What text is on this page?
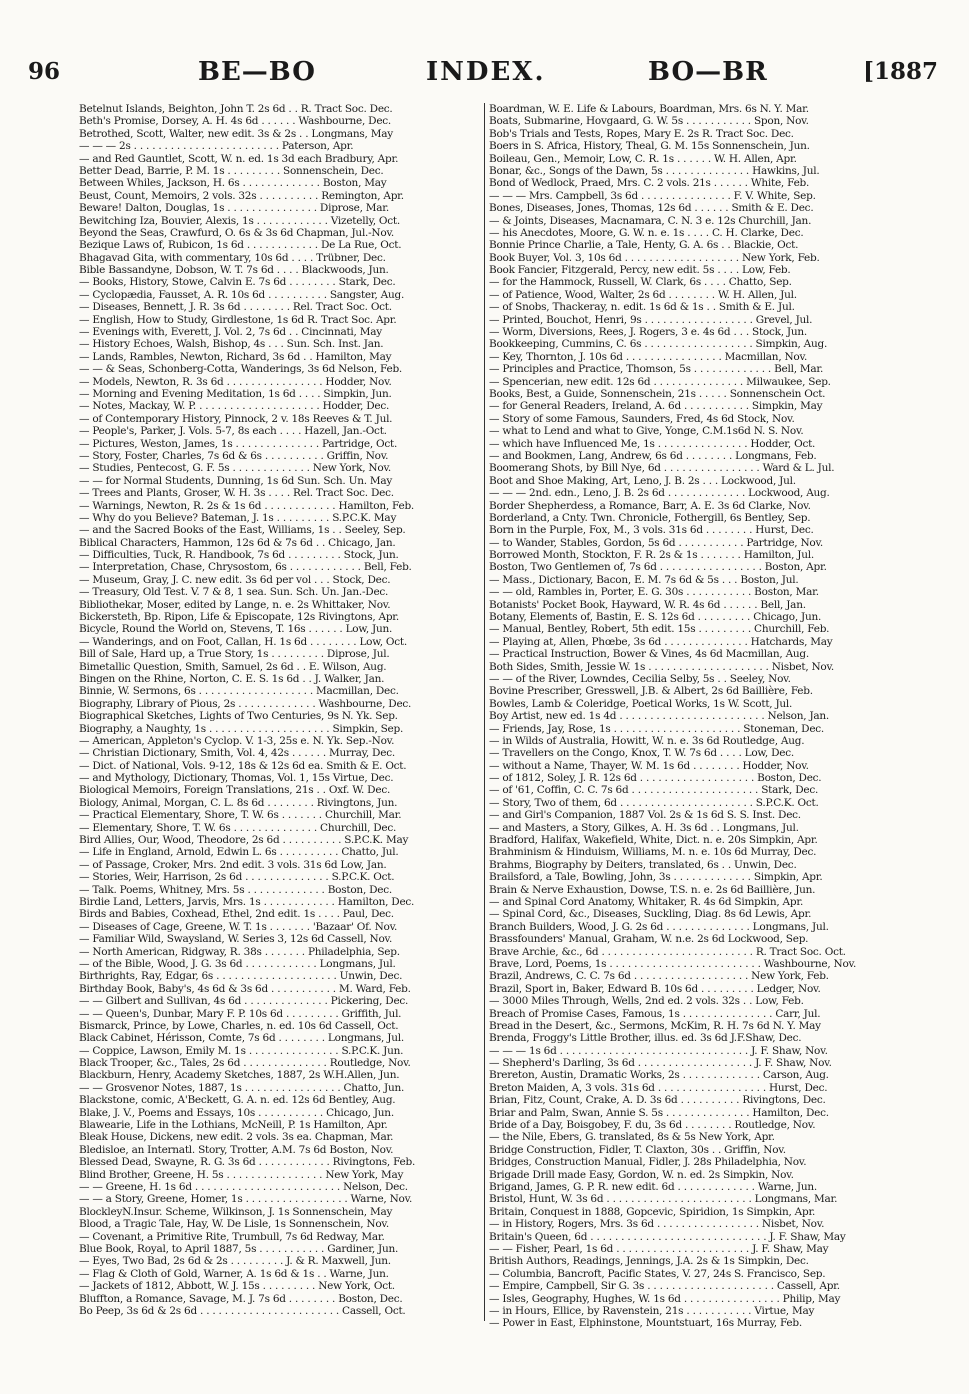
96	BE—BO	INDEX.	BO—BR	[1887
Betelnut Islands, Beighton, John T. 2s 6d . . R. Tract Soc. Dec.
Beth's Promise, Dorsey, A. H. 4s 6d . . . . . . Washbourne, Dec.
Betrothed, Scott, Walter, new edit. 3s & 2s . . Longmans, May
— — — 2s . . . . . . . . . . . . . . . . . . . . . . . . Paterson, Apr.
— and Red Gauntlet, Scott, W. n. ed. 1s 3d each Bradbury, Apr.
Better Dead, Barrie, P. M. 1s . . . . . . . . . Sonnenschein, Dec.
Between Whiles, Jackson, H. 6s . . . . . . . . . . . . . Boston, May
Beust, Count, Memoirs, 2 vols. 32s . . . . . . . . . . Remington, Apr.
Beware! Dalton, Douglas, 1s . . . . . . . . . . . . . . . Diprose, Mar.
Bewitching Iza, Bouvier, Alexis, 1s . . . . . . . . . . . . Vizetelly, Oct.
Beyond the Seas, Crawfurd, O. 6s & 3s 6d Chapman, Jul.-Nov.
Bezique Laws of, Rubicon, 1s 6d . . . . . . . . . . . . De La Rue, Oct.
Bhagavad Gita, with commentary, 10s 6d . . . . Trübner, Dec.
Bible Bassandyne, Dobson, W. T. 7s 6d . . . . Blackwoods, Jun.
— Books, History, Stowe, Calvin E. 7s 6d . . . . . . . . Stark, Dec.
— Cyclopædia, Fausset, A. R. 10s 6d . . . . . . . . . . Sangster, Aug.
— Diseases, Bennett, J. R. 3s 6d . . . . . . . . Rel. Tract Soc. Oct.
— English, How to Study, Girdlestone, 1s 6d R. Tract Soc. Apr.
— Evenings with, Everett, J. Vol. 2, 7s 6d . . Cincinnati, May
— History Echoes, Walsh, Bishop, 4s . . . Sun. Sch. Inst. Jan.
— Lands, Rambles, Newton, Richard, 3s 6d . . Hamilton, May
— — & Seas, Schonberg-Cotta, Wanderings, 3s 6d Nelson, Feb.
— Models, Newton, R. 3s 6d . . . . . . . . . . . . . . . . Hodder, Nov.
— Morning and Evening Meditation, 1s 6d . . . . Simpkin, Jun.
— Notes, Mackay, W. P. . . . . . . . . . . . . . . . . . . . . Hodder, Dec.
— of Contemporary History, Pinnock, 2 v. 18s Reeves & T. Jul.
— People's, Parker, J. Vols. 5-7, 8s each . . . . Hazell, Jan.-Oct.
— Pictures, Weston, James, 1s . . . . . . . . . . . . . . Partridge, Oct.
— Story, Foster, Charles, 7s 6d & 6s . . . . . . . . . . Griffin, Nov.
— Studies, Pentecost, G. F. 5s . . . . . . . . . . . . . New York, Nov.
— — for Normal Students, Dunning, 1s 6d Sun. Sch. Un. May
— Trees and Plants, Groser, W. H. 3s . . . . Rel. Tract Soc. Dec.
— Warnings, Newton, R. 2s & 1s 6d . . . . . . . . . . . . Hamilton, Feb.
— Why do you Believe? Bateman, J. 1s . . . . . . . . . S.P.C.K. May
— and the Sacred Books of the East, Williams, 1s . . Seeley, Sep.
Biblical Characters, Hammon, 12s 6d & 7s 6d . . Chicago, Jan.
— Difficulties, Tuck, R. Handbook, 7s 6d . . . . . . . . . Stock, Jun.
— Interpretation, Chase, Chrysostom, 6s . . . . . . . . . . . . Bell, Feb.
— Museum, Gray, J. C. new edit. 3s 6d per vol . . . Stock, Dec.
— Treasury, Old Test. V. 7 & 8, 1 sea. Sun. Sch. Un. Jan.-Dec.
Bibliothekar, Moser, edited by Lange, n. e. 2s Whittaker, Nov.
Bickersteth, Bp. Ripon, Life & Episcopate, 12s Rivingtons, Apr.
Bicycle, Round the World on, Stevens, T. 16s . . . . . . Low, Jun.
— Wanderings, and on Foot, Callan, H. 1s 6d . . . . . . . . Low, Oct.
Bill of Sale, Hard up, a True Story, 1s . . . . . . . . . Diprose, Jul.
Bimetallic Question, Smith, Samuel, 2s 6d . . E. Wilson, Aug.
Bingen on the Rhine, Norton, C. E. S. 1s 6d . . J. Walker, Jan.
Binnie, W. Sermons, 6s . . . . . . . . . . . . . . . . . . . Macmillan, Dec.
Biography, Library of Pious, 2s . . . . . . . . . . . . . Washbourne, Dec.
Biographical Sketches, Lights of Two Centuries, 9s N. Yk. Sep.
Biography, a Naughty, 1s . . . . . . . . . . . . . . . . . . . . Simpkin, Sep.
— American, Appleton's Cyclop. V. 1-3, 25s e. N. Yk. Sep.-Nov.
— Christian Dictionary, Smith, Vol. 4, 42s . . . . . . Murray, Dec.
— Dict. of National, Vols. 9-12, 18s & 12s 6d ea. Smith & E. Oct.
— and Mythology, Dictionary, Thomas, Vol. 1, 15s Virtue, Dec.
Biological Memoirs, Foreign Translations, 21s . . Oxf. W. Dec.
Biology, Animal, Morgan, C. L. 8s 6d . . . . . . . . Rivingtons, Jun.
— Practical Elementary, Shore, T. W. 6s . . . . . . . Churchill, Mar.
— Elementary, Shore, T. W. 6s . . . . . . . . . . . . . . Churchill, Dec.
Bird Allies, Our, Wood, Theodore, 2s 6d . . . . . . . . . . S.P.C.K. May
— Life in England, Arnold, Edwin L. 6s . . . . . . . . . . Chatto, Jul.
— of Passage, Croker, Mrs. 2nd edit. 3 vols. 31s 6d Low, Jan.
— Stories, Weir, Harrison, 2s 6d . . . . . . . . . . . . . . S.P.C.K. Oct.
— Talk. Poems, Whitney, Mrs. 5s . . . . . . . . . . . . . Boston, Dec.
Birdie Land, Letters, Jarvis, Mrs. 1s . . . . . . . . . . . . Hamilton, Dec.
Birds and Babies, Coxhead, Ethel, 2nd edit. 1s . . . . Paul, Dec.
— Diseases of Cage, Greene, W. T. 1s . . . . . . . 'Bazaar' Of. Nov.
— Familiar Wild, Swaysland, W. Series 3, 12s 6d Cassell, Nov.
— North American, Ridgway, R. 38s . . . . . . . Philadelphia, Sep.
— of the Bible, Wood, J. G. 3s 6d . . . . . . . . . . . . Longmans, Jul.
Birthrights, Ray, Edgar, 6s . . . . . . . . . . . . . . . . . . . . Unwin, Dec.
Birthday Book, Baby's, 4s 6d & 3s 6d . . . . . . . . . . . M. Ward, Feb.
— — Gilbert and Sullivan, 4s 6d . . . . . . . . . . . . . . Pickering, Dec.
— — Queen's, Dunbar, Mary F. P. 10s 6d . . . . . . . . . Griffith, Jul.
Bismarck, Prince, by Lowe, Charles, n. ed. 10s 6d Cassell, Oct.
Black Cabinet, Hérisson, Comte, 7s 6d . . . . . . . . Longmans, Jul.
— Coppice, Lawson, Emily M. 1s . . . . . . . . . . . . . . . S.P.C.K. Jun.
Black Trooper, &c., Tales, 2s 6d . . . . . . . . . . . . . . Routledge, Nov.
Blackburn, Henry, Academy Sketches, 1887, 2s W.H.Allen, Jun.
— — Grosvenor Notes, 1887, 1s . . . . . . . . . . . . . . . . Chatto, Jun.
Blackstone, comic, A'Beckett, G. A. n. ed. 12s 6d Bentley, Aug.
Blake, J. V., Poems and Essays, 10s . . . . . . . . . . . Chicago, Jun.
Blawearie, Life in the Lothians, McNeill, P. 1s Hamilton, Apr.
Bleak House, Dickens, new edit. 2 vols. 3s ea. Chapman, Mar.
Bledisloe, an Internatl. Story, Trotter, A.M. 7s 6d Boston, Nov.
Blessed Dead, Swayne, R. G. 3s 6d . . . . . . . . . . . . Rivingtons, Feb.
Blind Brother, Greene, H. 5s . . . . . . . . . . . . . . . . New York, May
— — Greene, H. 1s 6d . . . . . . . . . . . . . . . . . . . . . . . . Nelson, Dec.
— — a Story, Greene, Homer, 1s . . . . . . . . . . . . . . . . . Warne, Nov.
BlockleyN.Insur. Scheme, Wilkinson, J. 1s Sonnenschein, May
Blood, a Tragic Tale, Hay, W. De Lisle, 1s Sonnenschein, Nov.
— Covenant, a Primitive Rite, Trumbull, 7s 6d Redway, Mar.
Blue Book, Royal, to April 1887, 5s . . . . . . . . . . . Gardiner, Jun.
— Eyes, Two Bad, 2s 6d & 2s . . . . . . . . . J. & R. Maxwell, Jun.
— Flag & Cloth of Gold, Warner, A. 1s 6d & 1s . . Warne, Jun.
— Jackets of 1812, Abbott, W. J. 15s . . . . . . . . . New York, Oct.
Bluffton, a Romance, Savage, M. J. 7s 6d . . . . . . . . Boston, Dec.
Bo Peep, 3s 6d & 2s 6d . . . . . . . . . . . . . . . . . . . . . . . Cassell, Oct.
Boardman, W. E. Life & Labours, Boardman, Mrs. 6s N. Y. Mar.
Boats, Submarine, Hovgaard, G. W. 5s . . . . . . . . . . . Spon, Nov.
Bob's Trials and Tests, Ropes, Mary E. 2s R. Tract Soc. Dec.
Boers in S. Africa, History, Theal, G. M. 15s Sonnenschein, Jun.
Boileau, Gen., Memoir, Low, C. R. 1s . . . . . . W. H. Allen, Apr.
Bonar, &c., Songs of the Dawn, 5s . . . . . . . . . . . . . . Hawkins, Jul.
Bond of Wedlock, Praed, Mrs. C. 2 vols. 21s . . . . . . White, Feb.
— — — Mrs. Campbell, 3s 6d . . . . . . . . . . . . . . . F. V. White, Sep.
Bones, Diseases, Jones, Thomas, 12s 6d . . . . . . Smith & E. Dec.
— & Joints, Diseases, Macnamara, C. N. 3 e. 12s Churchill, Jan.
— his Anecdotes, Moore, G. W. n. e. 1s . . . . C. H. Clarke, Dec.
Bonnie Prince Charlie, a Tale, Henty, G. A. 6s . . Blackie, Oct.
Book Buyer, Vol. 3, 10s 6d . . . . . . . . . . . . . . . . . . . New York, Feb.
Book Fancier, Fitzgerald, Percy, new edit. 5s . . . . Low, Feb.
— for the Hammock, Russell, W. Clark, 6s . . . . Chatto, Sep.
— of Patience, Wood, Walter, 2s 6d . . . . . . . . W. H. Allen, Jul.
— of Snobs, Thackeray, n. edit. 1s 6d & 1s . . Smith & E. Jul.
— Printed, Bouchot, Henri, 9s . . . . . . . . . . . . . . . . . . Grevel, Jul.
— Worm, Diversions, Rees, J. Rogers, 3 e. 4s 6d . . . Stock, Jun.
Bookkeeping, Cummins, C. 6s . . . . . . . . . . . . . . . . . . Simpkin, Aug.
— Key, Thornton, J. 10s 6d . . . . . . . . . . . . . . . . Macmillan, Nov.
— Principles and Practice, Thomson, 5s . . . . . . . . . . . . . Bell, Mar.
— Spencerian, new edit. 12s 6d . . . . . . . . . . . . . . . Milwaukee, Sep.
Books, Best, a Guide, Sonnenschein, 21s . . . . . Sonnenschein Oct.
— for General Readers, Ireland, A. 6d . . . . . . . . . . . Simpkin, May
— Story of some Famous, Saunders, Fred, 4s 6d Stock, Nov.
— what to Lend and what to Give, Yonge, C.M.1s6d N. S. Nov.
— which have Influenced Me, 1s . . . . . . . . . . . . . . . Hodder, Oct.
— and Bookmen, Lang, Andrew, 6s 6d . . . . . . . . Longmans, Feb.
Boomerang Shots, by Bill Nye, 6d . . . . . . . . . . . . . . . . Ward & L. Jul.
Boot and Shoe Making, Art, Leno, J. B. 2s . . . Lockwood, Jul.
— — — 2nd. edn., Leno, J. B. 2s 6d . . . . . . . . . . . . . Lockwood, Aug.
Border Shepherdess, a Romance, Barr, A. E. 3s 6d Clarke, Nov.
Borderland, a Cnty. Twn. Chronicle, Fothergill, 6s Bentley, Sep.
Born in the Purple, Fox, M., 3 vols. 31s 6d . . . . . . . . Hurst, Dec.
— to Wander, Stables, Gordon, 5s 6d . . . . . . . . . . . Partridge, Nov.
Borrowed Month, Stockton, F. R. 2s & 1s . . . . . . . Hamilton, Jul.
Boston, Two Gentlemen of, 7s 6d . . . . . . . . . . . . . . . . . Boston, Apr.
— Mass., Dictionary, Bacon, E. M. 7s 6d & 5s . . . Boston, Jul.
— — old, Rambles in, Porter, E. G. 30s . . . . . . . . . . . Boston, Mar.
Botanists' Pocket Book, Hayward, W. R. 4s 6d . . . . . . Bell, Jan.
Botany, Elements of, Bastin, E. S. 12s 6d . . . . . . . . . Chicago, Jun.
— Manual, Bentley, Robert, 5th edit. 15s . . . . . . . . . Churchill, Feb.
— Playing at, Allen, Phœbe, 3s 6d . . . . . . . . . . . . . . Hatchards, May
— Practical Instruction, Bower & Vines, 4s 6d Macmillan, Aug.
Both Sides, Smith, Jessie W. 1s . . . . . . . . . . . . . . . . . . . . Nisbet, Nov.
— — of the River, Lowndes, Cecilia Selby, 5s . . Seeley, Nov.
Bovine Prescriber, Gresswell, J.B. & Albert, 2s 6d Baillière, Feb.
Bowles, Lamb & Coleridge, Poetical Works, 1s W. Scott, Jul.
Boy Artist, new ed. 1s 4d . . . . . . . . . . . . . . . . . . . . . . . . Nelson, Jan.
— Friends, Jay, Rose, 1s . . . . . . . . . . . . . . . . . . . . . Stoneman, Dec.
— in Wilds of Australia, Howitt, W. n. e. 3s 6d Routledge, Aug.
— Travellers on the Congo, Knox, T. W. 7s 6d . . . . Low, Dec.
— without a Name, Thayer, W. M. 1s 6d . . . . . . . . Hodder, Nov.
— of 1812, Soley, J. R. 12s 6d . . . . . . . . . . . . . . . . . . . Boston, Dec.
— of '61, Coffin, C. C. 7s 6d . . . . . . . . . . . . . . . . . . . . . Stark, Dec.
— Story, Two of them, 6d . . . . . . . . . . . . . . . . . . . . . . S.P.C.K. Oct.
— and Girl's Companion, 1887 Vol. 2s & 1s 6d S. S. Inst. Dec.
— and Masters, a Story, Gilkes, A. H. 3s 6d . . Longmans, Jul.
Bradford, Halifax, Wakefield, White, Dict. n. e. 20s Simpkin, Apr.
Brahminism & Hinduism, Williams, M. n. e. 10s 6d Murray, Dec.
Brahms, Biography by Deiters, translated, 6s . . Unwin, Dec.
Brailsford, a Tale, Bowling, John, 3s . . . . . . . . . . . . . Simpkin, Apr.
Brain & Nerve Exhaustion, Dowse, T.S. n. e. 2s 6d Baillière, Jun.
— and Spinal Cord Anatomy, Whitaker, R. 4s 6d Simpkin, Apr.
— Spinal Cord, &c., Diseases, Suckling, Diag. 8s 6d Lewis, Apr.
Branch Builders, Wood, J. G. 2s 6d . . . . . . . . . . . . . . Longmans, Jul.
Brassfounders' Manual, Graham, W. n.e. 2s 6d Lockwood, Sep.
Brave Archie, &c., 6d . . . . . . . . . . . . . . . . . . . . . . . . . R. Tract Soc. Oct.
Brave, Lord, Poems, 1s . . . . . . . . . . . . . . . . . . . . . . . . . Washbourne, Nov.
Brazil, Andrews, C. C. 7s 6d . . . . . . . . . . . . . . . . . . . New York, Feb.
Brazil, Sport in, Baker, Edward B. 10s 6d . . . . . . . . . Ledger, Nov.
— 3000 Miles Through, Wells, 2nd ed. 2 vols. 32s . . Low, Feb.
Breach of Promise Cases, Famous, 1s . . . . . . . . . . . . . . . Carr, Jul.
Bread in the Desert, &c., Sermons, McKim, R. H. 7s 6d N. Y. May
Brenda, Froggy's Little Brother, illus. ed. 3s 6d J.F.Shaw, Dec.
— — — 1s 6d . . . . . . . . . . . . . . . . . . . . . . . . . . . . . . . J. F. Shaw, Nov.
— Shepherd's Darling, 3s 6d . . . . . . . . . . . . . . . . . . . J. F. Shaw, Nov.
Brereton, Austin, Dramatic Works, 2s . . . . . . . . . . . . . Carson, Aug.
Breton Maiden, A, 3 vols. 31s 6d . . . . . . . . . . . . . . . . . . Hurst, Dec.
Brian, Fitz, Count, Crake, A. D. 3s 6d . . . . . . . . . . Rivingtons, Dec.
Briar and Palm, Swan, Annie S. 5s . . . . . . . . . . . . . . Hamilton, Dec.
Bride of a Day, Boisgobey, F. du, 3s 6d . . . . . . . . Routledge, Nov.
— the Nile, Ebers, G. translated, 8s & 5s New York, Apr.
Bridge Construction, Fidler, T. Claxton, 30s . . Griffin, Nov.
Bridges, Construction Manual, Fidler, J. 28s Philadelphia, Nov.
Brigade Drill made Easy, Gordon, W. n. ed. 2s Simpkin, Nov.
Brigand, James, G. P. R. new edit. 6d . . . . . . . . . . . . . Warne, Jun.
Bristol, Hunt, W. 3s 6d . . . . . . . . . . . . . . . . . . . . . . . . Longmans, Mar.
Britain, Conquest in 1888, Gopcevic, Spiridion, 1s Simpkin, Apr.
— in History, Rogers, Mrs. 3s 6d . . . . . . . . . . . . . . . . . Nisbet, Nov.
Britain's Queen, 6d . . . . . . . . . . . . . . . . . . . . . . . . . . . . . J. F. Shaw, May
— — Fisher, Pearl, 1s 6d . . . . . . . . . . . . . . . . . . . . . . J. F. Shaw, May
British Authors, Readings, Jennings, J.A. 2s & 1s Simpkin, Dec.
— Columbia, Bancroft, Pacific States, V. 27, 24s S. Francisco, Sep.
— Empire, Campbell, Sir G. 3s . . . . . . . . . . . . . . . . . . . . . Cassell, Apr.
— Isles, Geography, Hughes, W. 1s 6d . . . . . . . . . . . . . . . . Philip, May
— in Hours, Ellice, by Ravenstein, 21s . . . . . . . . . . . Virtue, May
— Power in East, Elphinstone, Mountstuart, 16s Murray, Feb.
